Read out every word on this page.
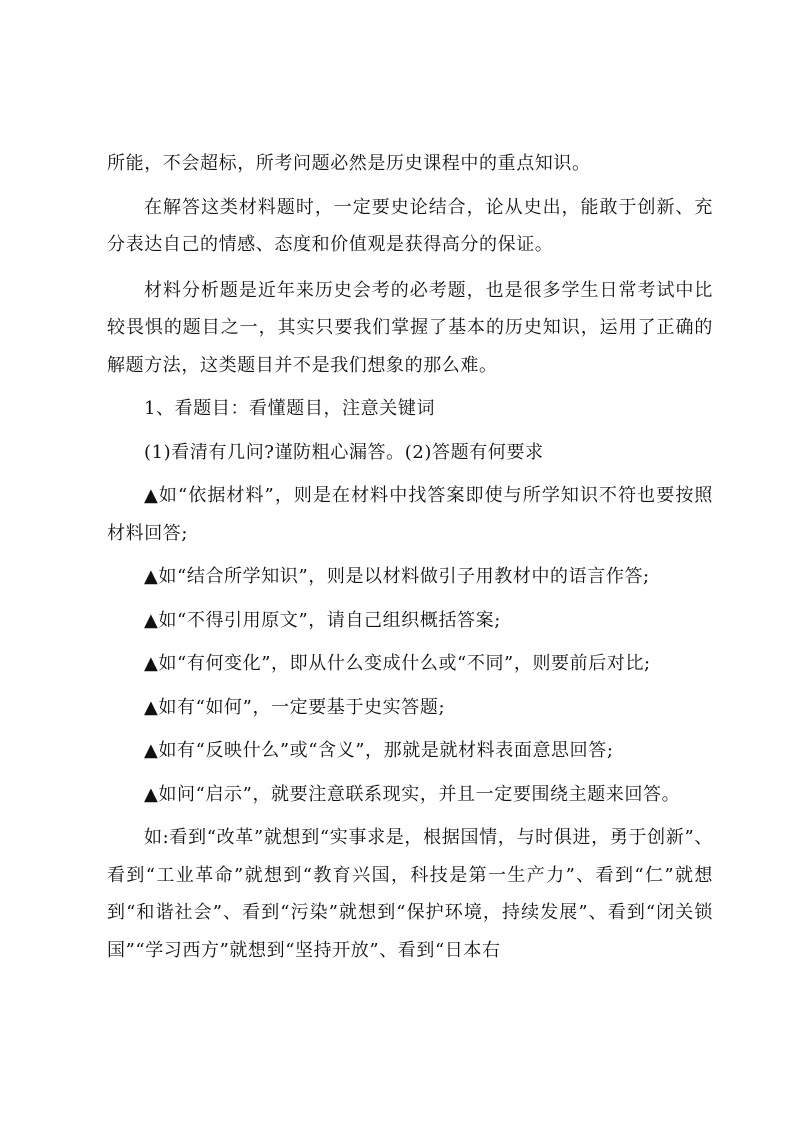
所能，不会超标，所考问题必然是历史课程中的重点知识。

在解答这类材料题时，一定要史论结合，论从史出，能敢于创新、充分表达自己的情感、态度和价值观是获得高分的保证。

材料分析题是近年来历史会考的必考题，也是很多学生日常考试中比较畏惧的题目之一，其实只要我们掌握了基本的历史知识，运用了正确的解题方法，这类题目并不是我们想象的那么难。

1、看题目：看懂题目，注意关键词

(1)看清有几问?谨防粗心漏答。(2)答题有何要求

▲如“依据材料”，则是在材料中找答案即使与所学知识不符也要按照材料回答;

▲如“结合所学知识”，则是以材料做引子用教材中的语言作答;

▲如“不得引用原文”，请自己组织概括答案;

▲如“有何变化”，即从什么变成什么或“不同”，则要前后对比;

▲如有“如何”，一定要基于史实答题;

▲如有“反映什么”或“含义”，那就是就材料表面意思回答;

▲如问“启示”，就要注意联系现实，并且一定要围绕主题来回答。

如:看到“改革”就想到“实事求是，根据国情，与时俱进，勇于创新”、看到“工业革命”就想到“教育兴国，科技是第一生产力”、看到“仁”就想到“和谐社会”、看到“污染”就想到“保护环境，持续发展”、看到“闭关锁国”“学习西方”就想到“坚持开放”、看到“日本右
